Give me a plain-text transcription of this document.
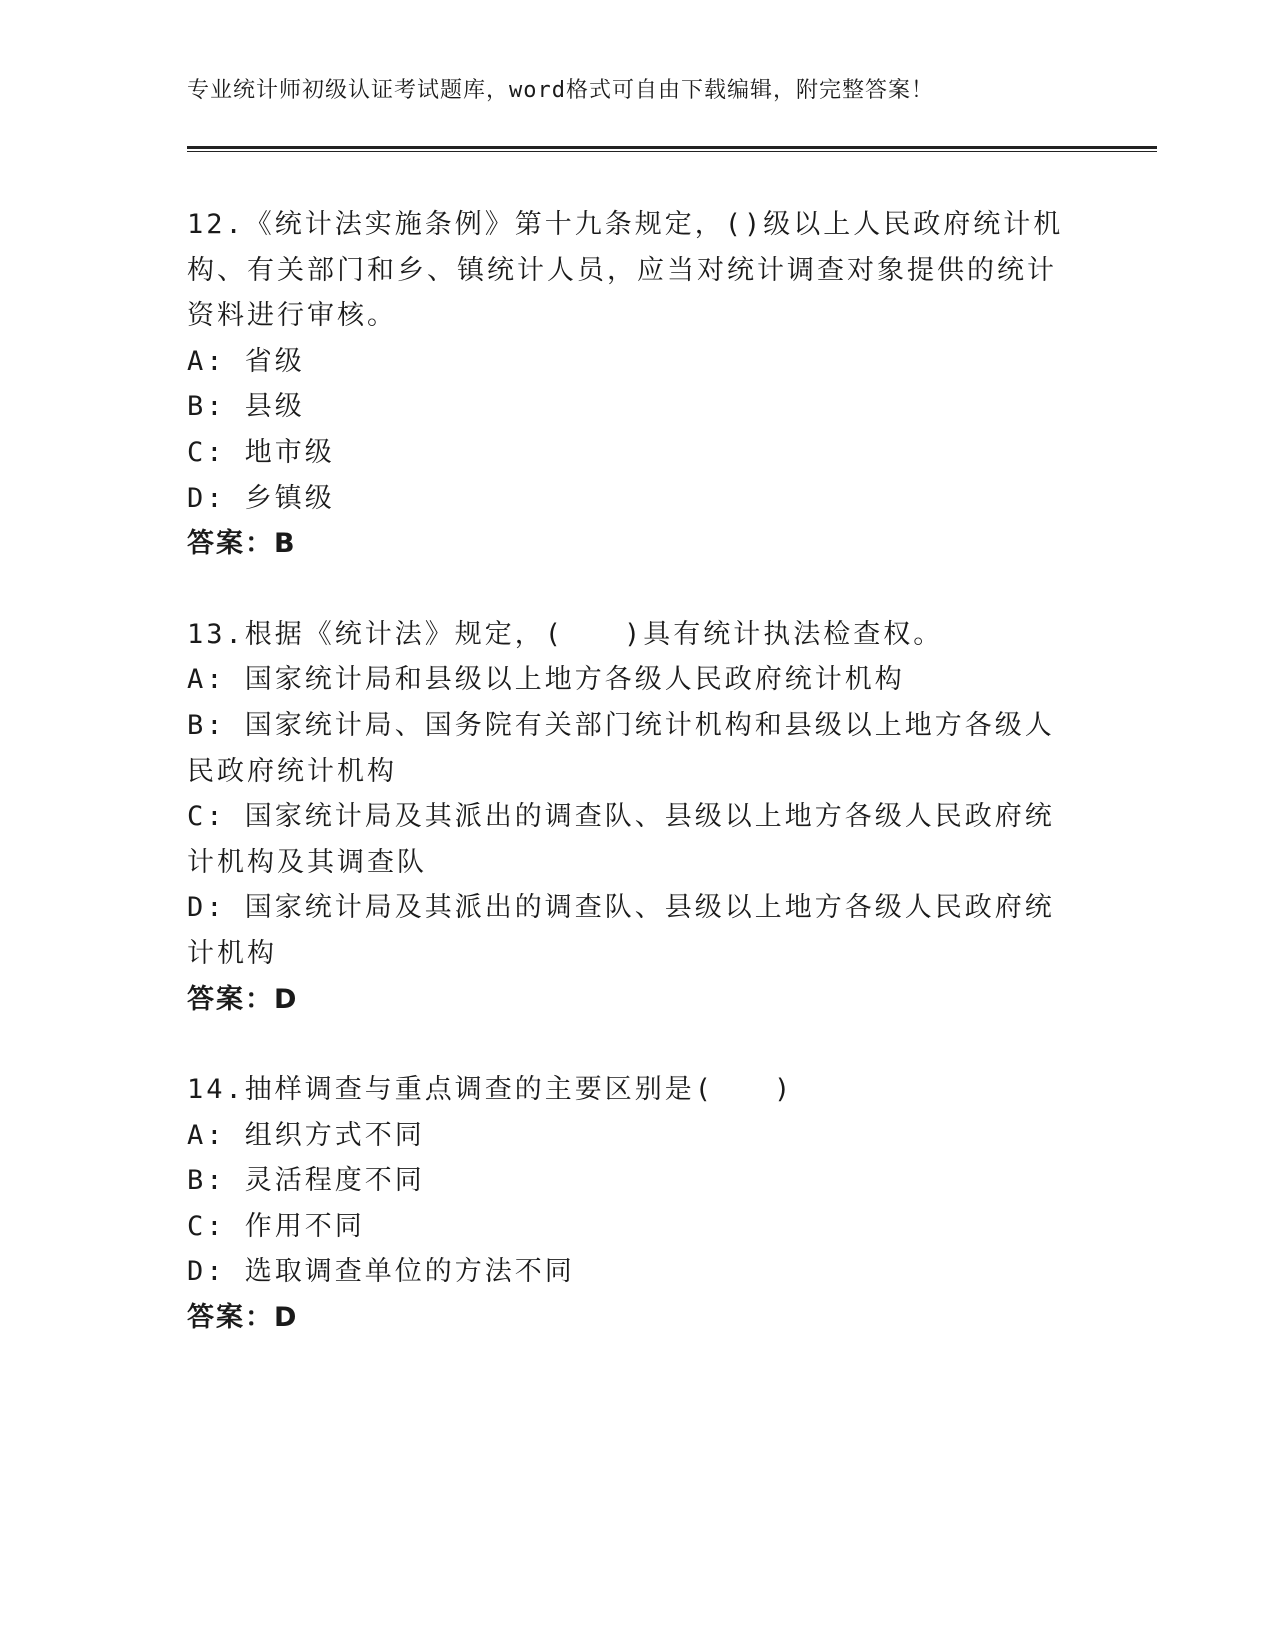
专业统计师初级认证考试题库，word格式可自由下载编辑，附完整答案！

12.《统计法实施条例》第十九条规定，()级以上人民政府统计机构、有关部门和乡、镇统计人员，应当对统计调查对象提供的统计资料进行审核。

A: 省级

B: 县级

C: 地市级

D: 乡镇级

答案：B

13.根据《统计法》规定，(　　)具有统计执法检查权。

A: 国家统计局和县级以上地方各级人民政府统计机构

B: 国家统计局、国务院有关部门统计机构和县级以上地方各级人民政府统计机构

C: 国家统计局及其派出的调查队、县级以上地方各级人民政府统计机构及其调查队

D: 国家统计局及其派出的调查队、县级以上地方各级人民政府统计机构

答案：D

14.抽样调查与重点调查的主要区别是(　　)

A: 组织方式不同

B: 灵活程度不同

C: 作用不同

D: 选取调查单位的方法不同

答案：D
